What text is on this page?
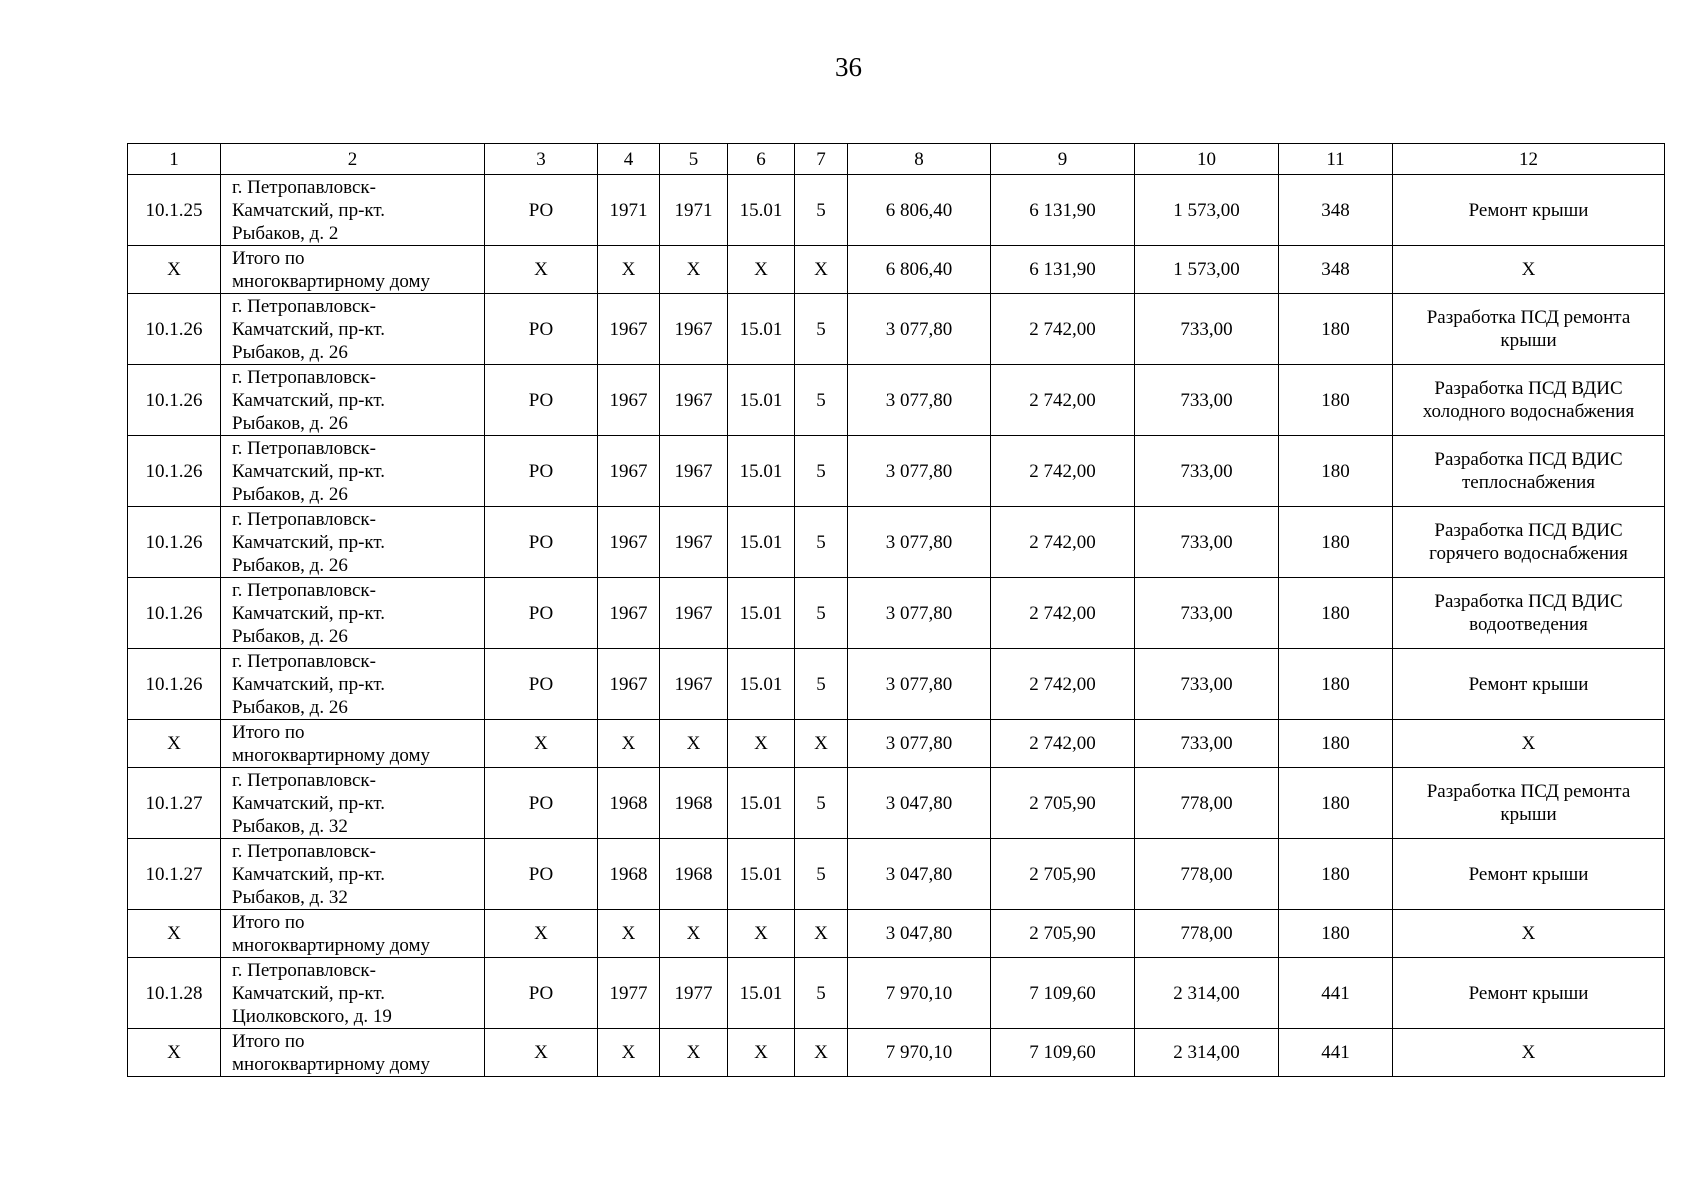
36
1	2	3	4	5	6	7	8	9	10	11	12
10.1.25	г. Петропавловск-
Камчатский, пр-кт.
Рыбаков, д. 2	РО	1971	1971	15.01	5	6 806,40	6 131,90	1 573,00	348	Ремонт крыши
Х	Итого по
многоквартирному дому	Х	Х	Х	Х	Х	6 806,40	6 131,90	1 573,00	348	Х
10.1.26	г. Петропавловск-
Камчатский, пр-кт.
Рыбаков, д. 26	РО	1967	1967	15.01	5	3 077,80	2 742,00	733,00	180	Разработка ПСД ремонта
крыши
10.1.26	г. Петропавловск-
Камчатский, пр-кт.
Рыбаков, д. 26	РО	1967	1967	15.01	5	3 077,80	2 742,00	733,00	180	Разработка ПСД ВДИС
холодного водоснабжения
10.1.26	г. Петропавловск-
Камчатский, пр-кт.
Рыбаков, д. 26	РО	1967	1967	15.01	5	3 077,80	2 742,00	733,00	180	Разработка ПСД ВДИС
теплоснабжения
10.1.26	г. Петропавловск-
Камчатский, пр-кт.
Рыбаков, д. 26	РО	1967	1967	15.01	5	3 077,80	2 742,00	733,00	180	Разработка ПСД ВДИС
горячего водоснабжения
10.1.26	г. Петропавловск-
Камчатский, пр-кт.
Рыбаков, д. 26	РО	1967	1967	15.01	5	3 077,80	2 742,00	733,00	180	Разработка ПСД ВДИС
водоотведения
10.1.26	г. Петропавловск-
Камчатский, пр-кт.
Рыбаков, д. 26	РО	1967	1967	15.01	5	3 077,80	2 742,00	733,00	180	Ремонт крыши
Х	Итого по
многоквартирному дому	Х	Х	Х	Х	Х	3 077,80	2 742,00	733,00	180	Х
10.1.27	г. Петропавловск-
Камчатский, пр-кт.
Рыбаков, д. 32	РО	1968	1968	15.01	5	3 047,80	2 705,90	778,00	180	Разработка ПСД ремонта
крыши
10.1.27	г. Петропавловск-
Камчатский, пр-кт.
Рыбаков, д. 32	РО	1968	1968	15.01	5	3 047,80	2 705,90	778,00	180	Ремонт крыши
Х	Итого по
многоквартирному дому	Х	Х	Х	Х	Х	3 047,80	2 705,90	778,00	180	Х
10.1.28	г. Петропавловск-
Камчатский, пр-кт.
Циолковского, д. 19	РО	1977	1977	15.01	5	7 970,10	7 109,60	2 314,00	441	Ремонт крыши
Х	Итого по
многоквартирному дому	Х	Х	Х	Х	Х	7 970,10	7 109,60	2 314,00	441	Х
